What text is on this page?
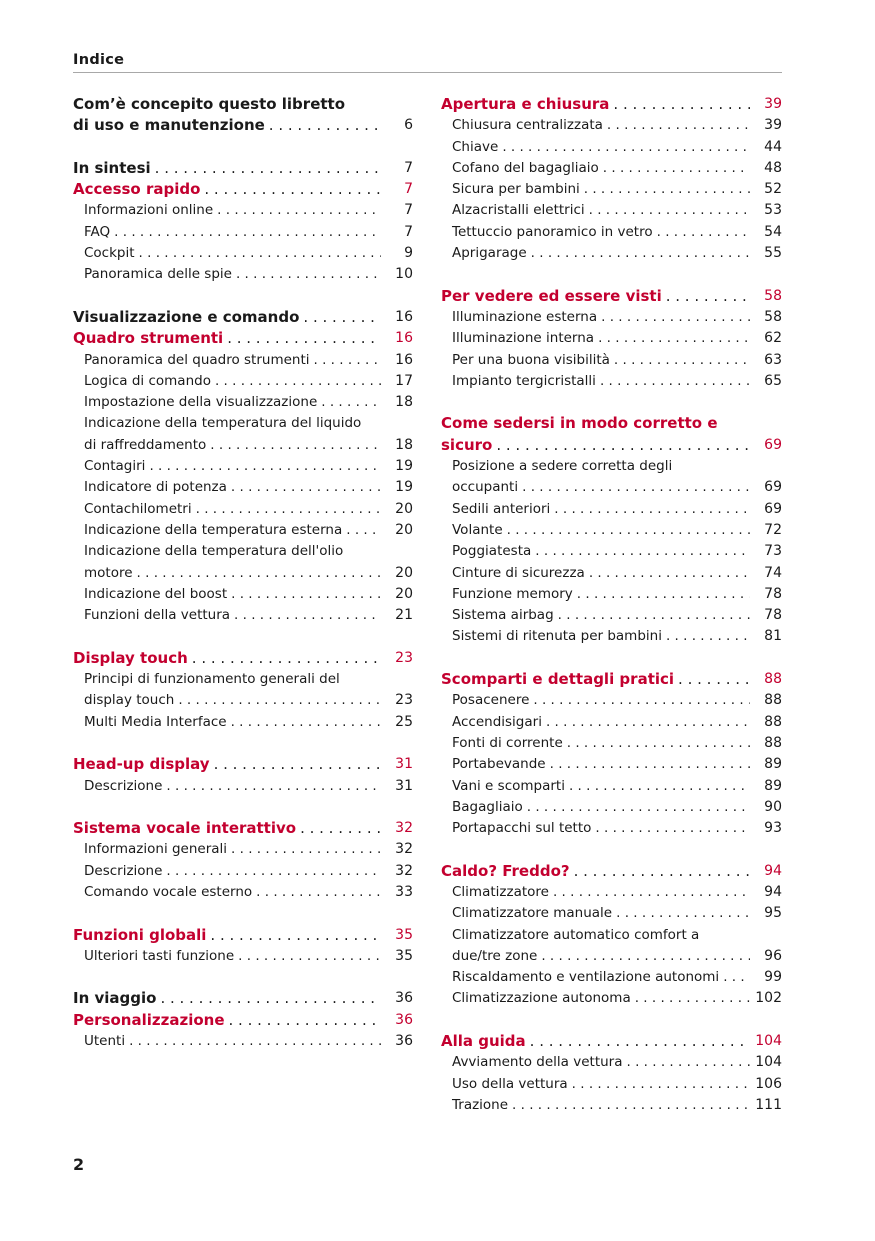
Indice
Com’è concepito questo libretto
di uso e manutenzione . . .	6
In sintesi . . .	7
Accesso rapido . . .	7
Informazioni online . . .	7
FAQ . . .	7
Cockpit . . .	9
Panoramica delle spie . . .	10
Visualizzazione e comando . . .	16
Quadro strumenti . . .	16
Panoramica del quadro strumenti . . .	16
Logica di comando . . .	17
Impostazione della visualizzazione . . .	18
Indicazione della temperatura del liquido
di raffreddamento . . .	18
Contagiri . . .	19
Indicatore di potenza . . .	19
Contachilometri . . .	20
Indicazione della temperatura esterna . . .	20
Indicazione della temperatura dell'olio
motore . . .	20
Indicazione del boost . . .	20
Funzioni della vettura . . .	21
Display touch . . .	23
Principi di funzionamento generali del
display touch . . .	23
Multi Media Interface . . .	25
Head-up display . . .	31
Descrizione . . .	31
Sistema vocale interattivo . . .	32
Informazioni generali . . .	32
Descrizione . . .	32
Comando vocale esterno . . .	33
Funzioni globali . . .	35
Ulteriori tasti funzione . . .	35
In viaggio . . .	36
Personalizzazione . . .	36
Utenti . . .	36
Apertura e chiusura . . .	39
Chiusura centralizzata . . .	39
Chiave . . .	44
Cofano del bagagliaio . . .	48
Sicura per bambini . . .	52
Alzacristalli elettrici . . .	53
Tettuccio panoramico in vetro . . .	54
Aprigarage . . .	55
Per vedere ed essere visti . . .	58
Illuminazione esterna . . .	58
Illuminazione interna . . .	62
Per una buona visibilità . . .	63
Impianto tergicristalli . . .	65
Come sedersi in modo corretto e
sicuro . . .	69
Posizione a sedere corretta degli
occupanti . . .	69
Sedili anteriori . . .	69
Volante . . .	72
Poggiatesta . . .	73
Cinture di sicurezza . . .	74
Funzione memory . . .	78
Sistema airbag . . .	78
Sistemi di ritenuta per bambini . . .	81
Scomparti e dettagli pratici . . .	88
Posacenere . . .	88
Accendisigari . . .	88
Fonti di corrente . . .	88
Portabevande . . .	89
Vani e scomparti . . .	89
Bagagliaio . . .	90
Portapacchi sul tetto . . .	93
Caldo? Freddo? . . .	94
Climatizzatore . . .	94
Climatizzatore manuale . . .	95
Climatizzatore automatico comfort a
due/tre zone . . .	96
Riscaldamento e ventilazione autonomi . . .	99
Climatizzazione autonoma . . .	102
Alla guida . . .	104
Avviamento della vettura . . .	104
Uso della vettura . . .	106
Trazione . . .	111
2
